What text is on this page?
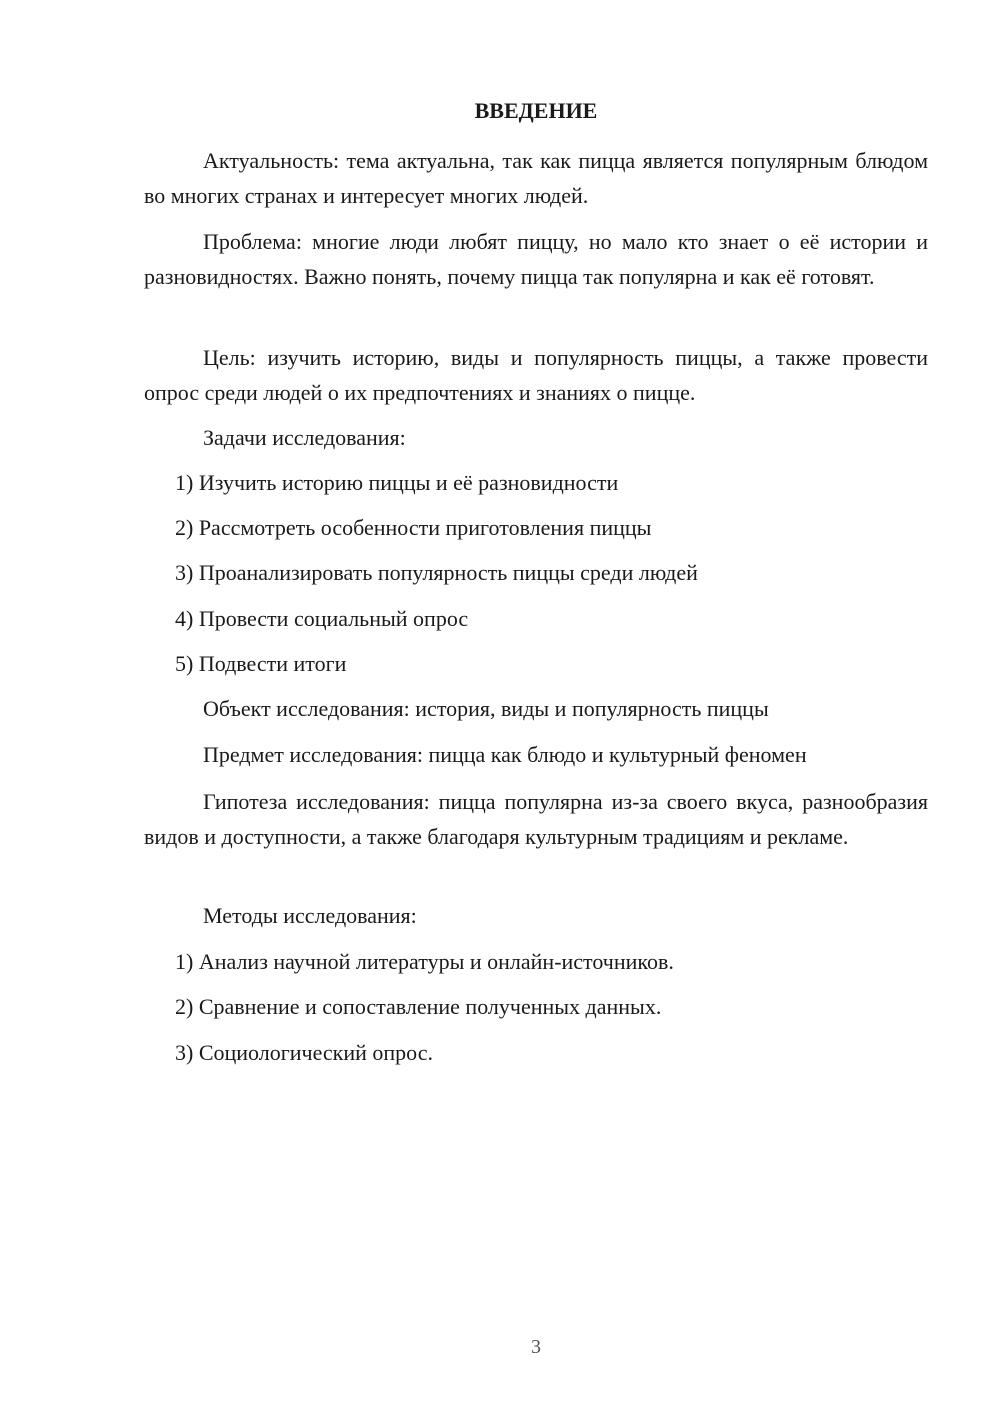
ВВЕДЕНИЕ
Актуальность: тема актуальна, так как пицца является популярным блюдом во многих странах и интересует многих людей.
Проблема: многие люди любят пиццу, но мало кто знает о её истории и разновидностях. Важно понять, почему пицца так популярна и как её готовят.
Цель: изучить историю, виды и популярность пиццы, а также провести опрос среди людей о их предпочтениях и знаниях о пицце.
Задачи исследования:
1) Изучить историю пиццы и её разновидности
2) Рассмотреть особенности приготовления пиццы
3) Проанализировать популярность пиццы среди людей
4) Провести социальный опрос
5) Подвести итоги
Объект исследования: история, виды и популярность пиццы
Предмет исследования: пицца как блюдо и культурный феномен
Гипотеза исследования: пицца популярна из-за своего вкуса, разнообразия видов и доступности, а также благодаря культурным традициям и рекламе.
Методы исследования:
1) Анализ научной литературы и онлайн-источников.
2) Сравнение и сопоставление полученных данных.
3) Социологический опрос.
3
